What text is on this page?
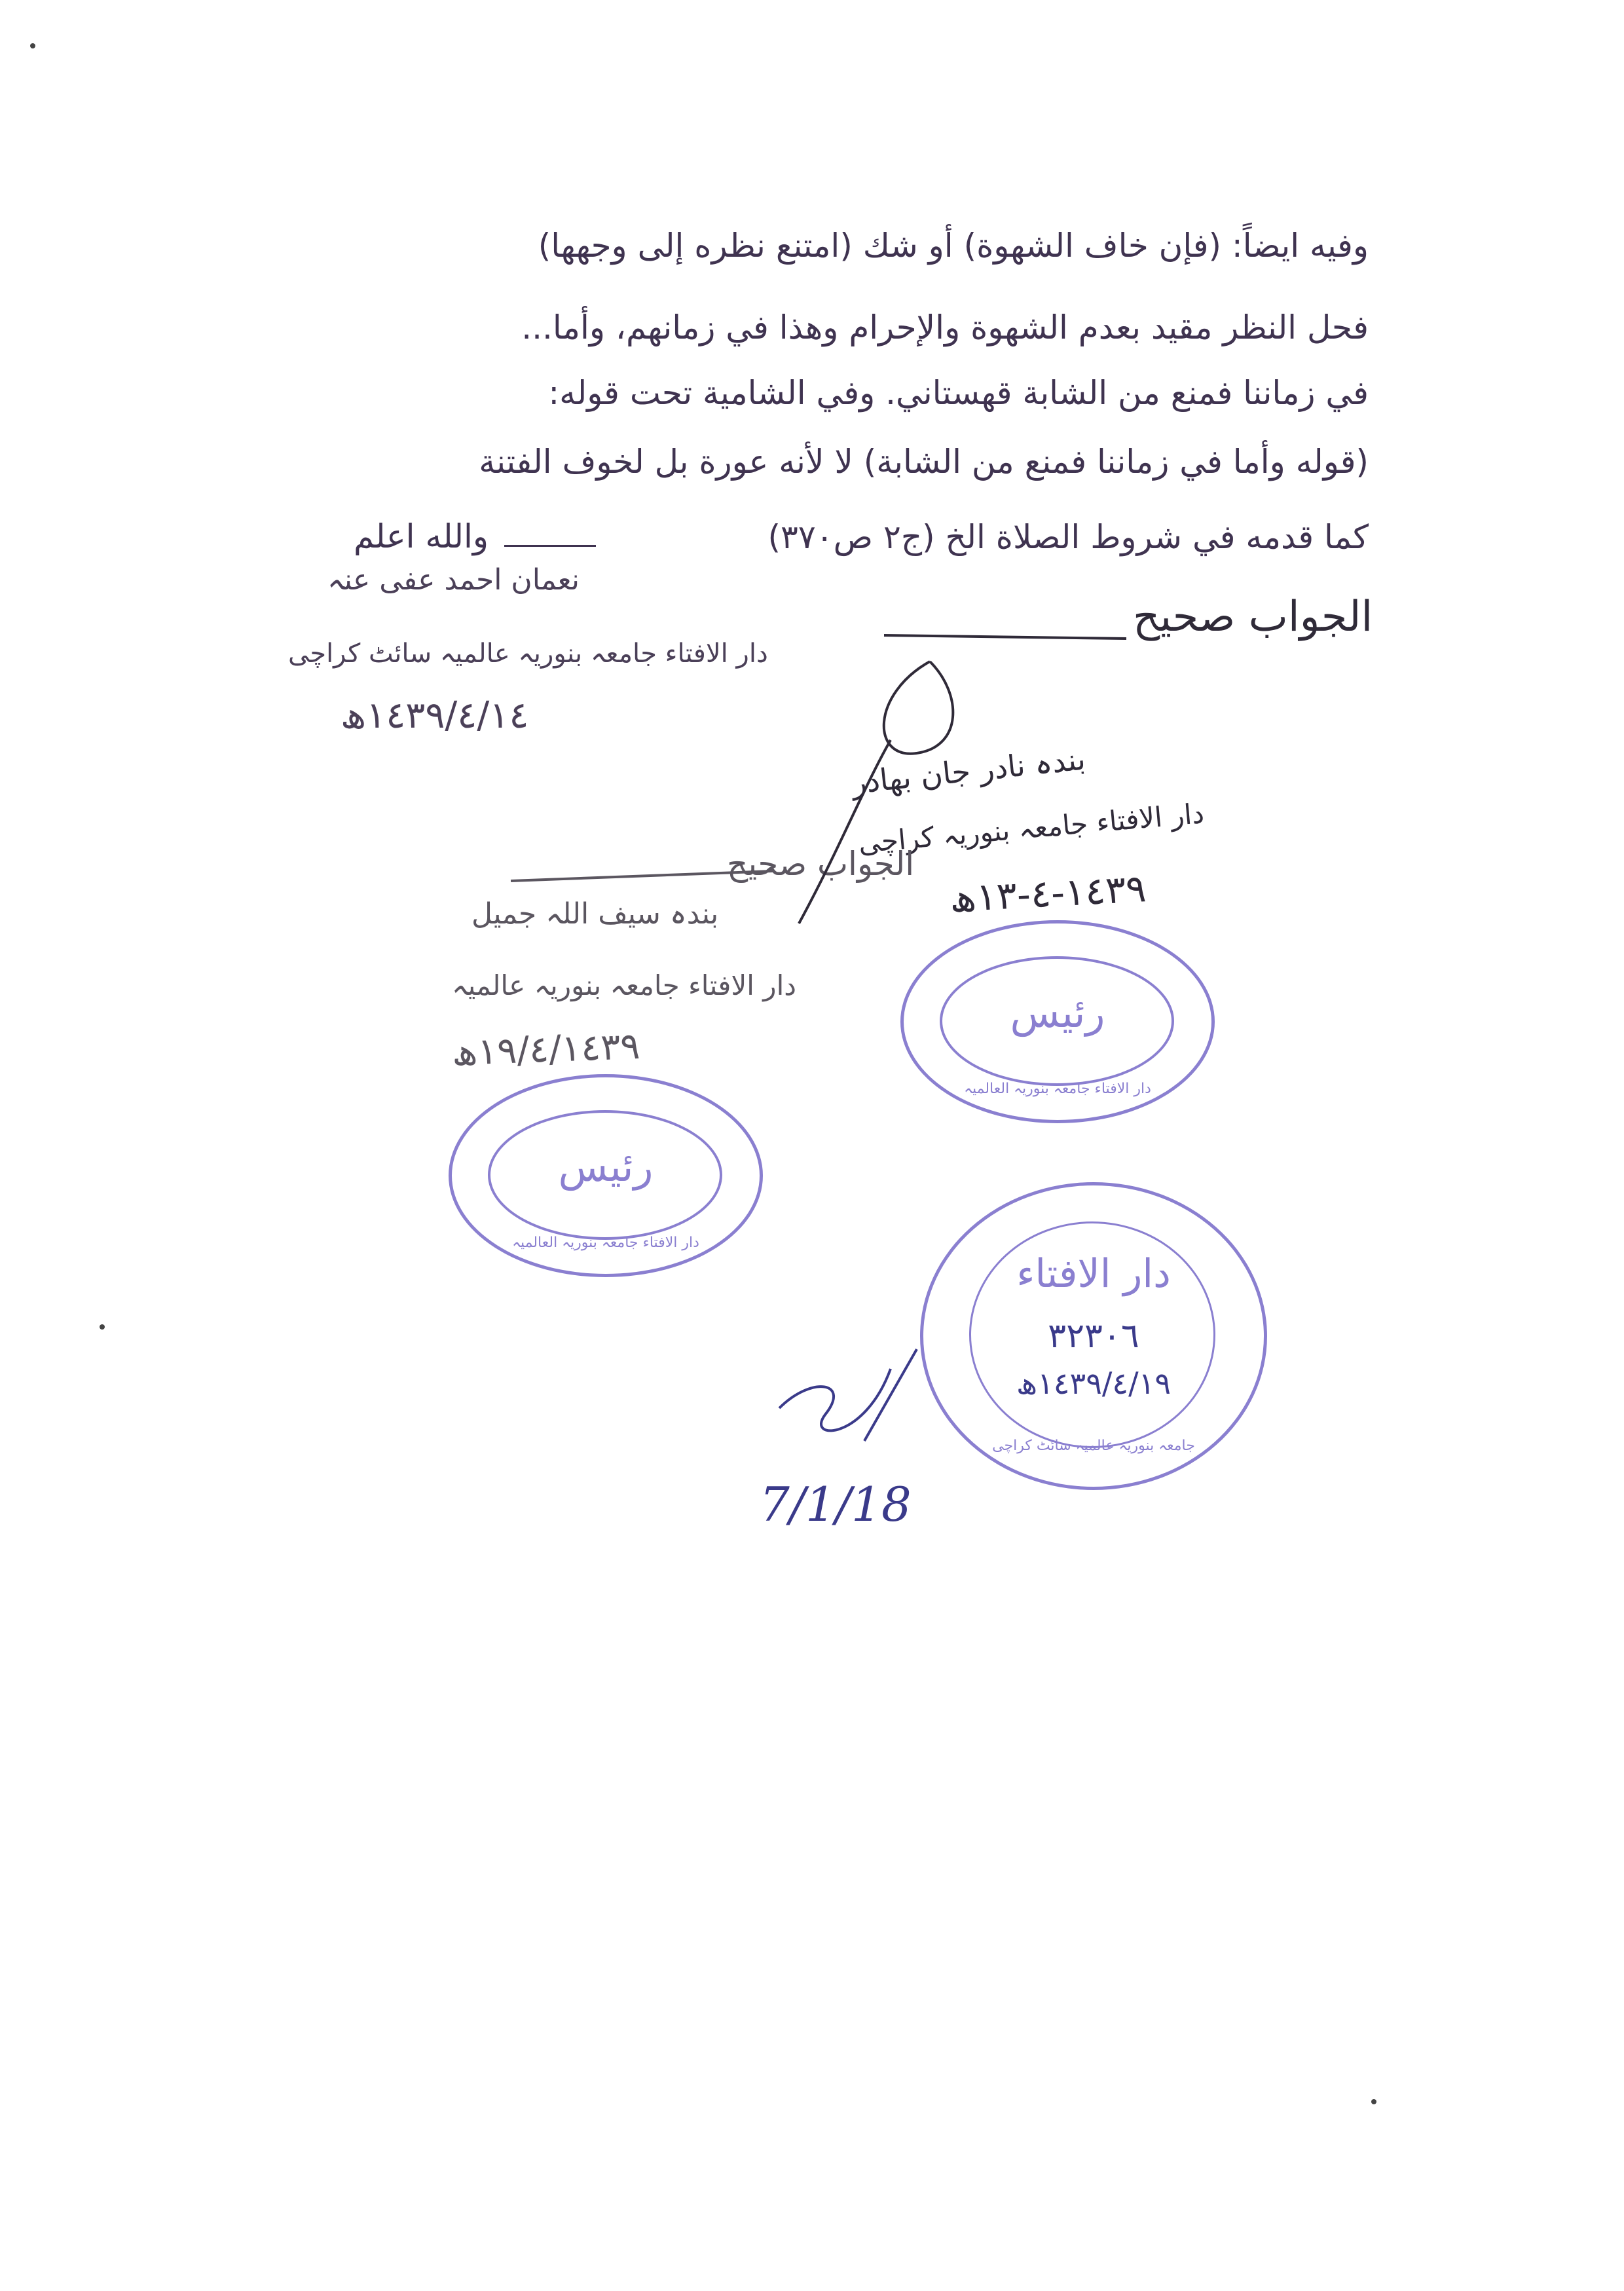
وفيه ايضاً: (فإن خاف الشهوة) أو شك (امتنع نظره إلى وجهها)
فحل النظر مقيد بعدم الشهوة والإحرام وهذا في زمانهم، وأما...
في زماننا فمنع من الشابة قهستاني. وفي الشامية تحت قوله:
(قوله وأما في زماننا فمنع من الشابة) لا لأنه عورة بل لخوف الفتنة
كما قدمه في شروط الصلاة الخ (ج٢ ص٣٧٠)
والله اعلم
نعمان احمد عفی عنہ
دار الافتاء جامعہ بنوریہ عالمیہ سائٹ کراچی
١٤٣٩/٤/١٤ھ
الجواب صحیح
بندہ نادر جان بھادر
دار الافتاء جامعہ بنوریہ کراچی
١٤٣٩-٤-١٣ھ
الجواب صحیح
بندہ سیف اللہ جمیل
دار الافتاء جامعہ بنوریہ عالمیہ
١٩/٤/١٤٣٩ھ
رئیس
دار الافتاء جامعہ بنوریہ العالمیہ
رئیس
دار الافتاء جامعہ بنوریہ العالمیہ
دار الافتاء
٣٢٣٠٦
١٤٣٩/٤/١٩ھ
جامعہ بنوریہ عالمیہ سائٹ کراچی
7/1/18
